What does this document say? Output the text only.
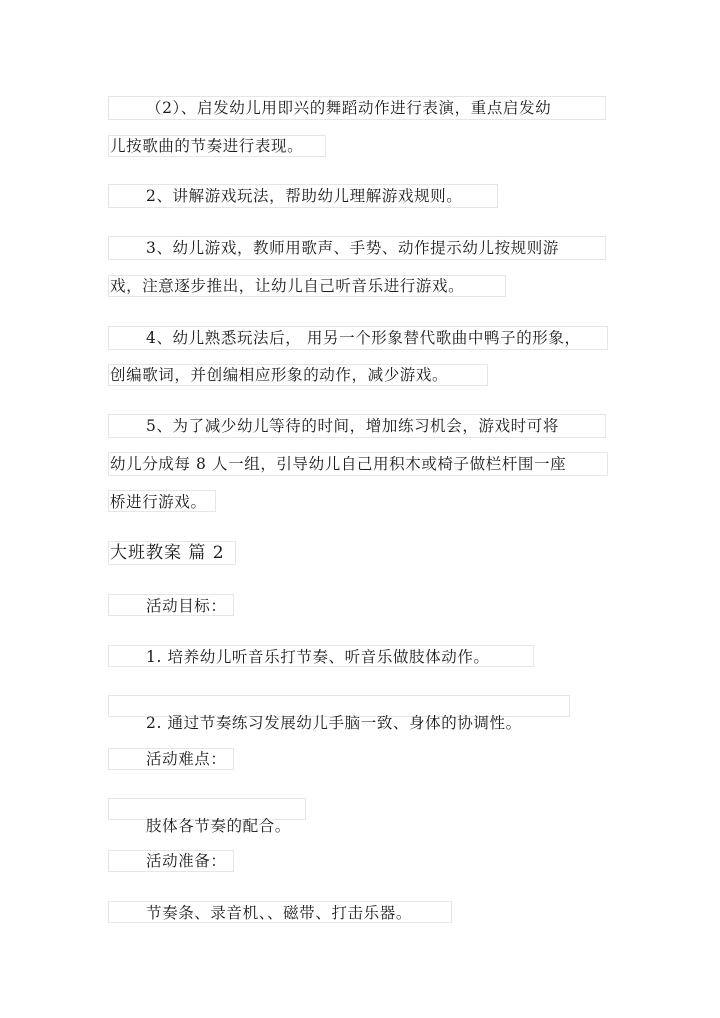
（2）、启发幼儿用即兴的舞蹈动作进行表演，重点启发幼
儿按歌曲的节奏进行表现。
2、讲解游戏玩法，帮助幼儿理解游戏规则。
3、幼儿游戏，教师用歌声、手势、动作提示幼儿按规则游
戏，注意逐步推出，让幼儿自己听音乐进行游戏。
4、幼儿熟悉玩法后， 用另一个形象替代歌曲中鸭子的形象，
创编歌词，并创编相应形象的动作，减少游戏。
5、为了减少幼儿等待的时间，增加练习机会，游戏时可将
幼儿分成每 8 人一组，引导幼儿自己用积木或椅子做栏杆围一座
桥进行游戏。
大班教案 篇 2
活动目标：
1. 培养幼儿听音乐打节奏、听音乐做肢体动作。
2. 通过节奏练习发展幼儿手脑一致、身体的协调性。
活动难点：
肢体各节奏的配合。
活动准备：
节奏条、录音机、、磁带、打击乐器。
